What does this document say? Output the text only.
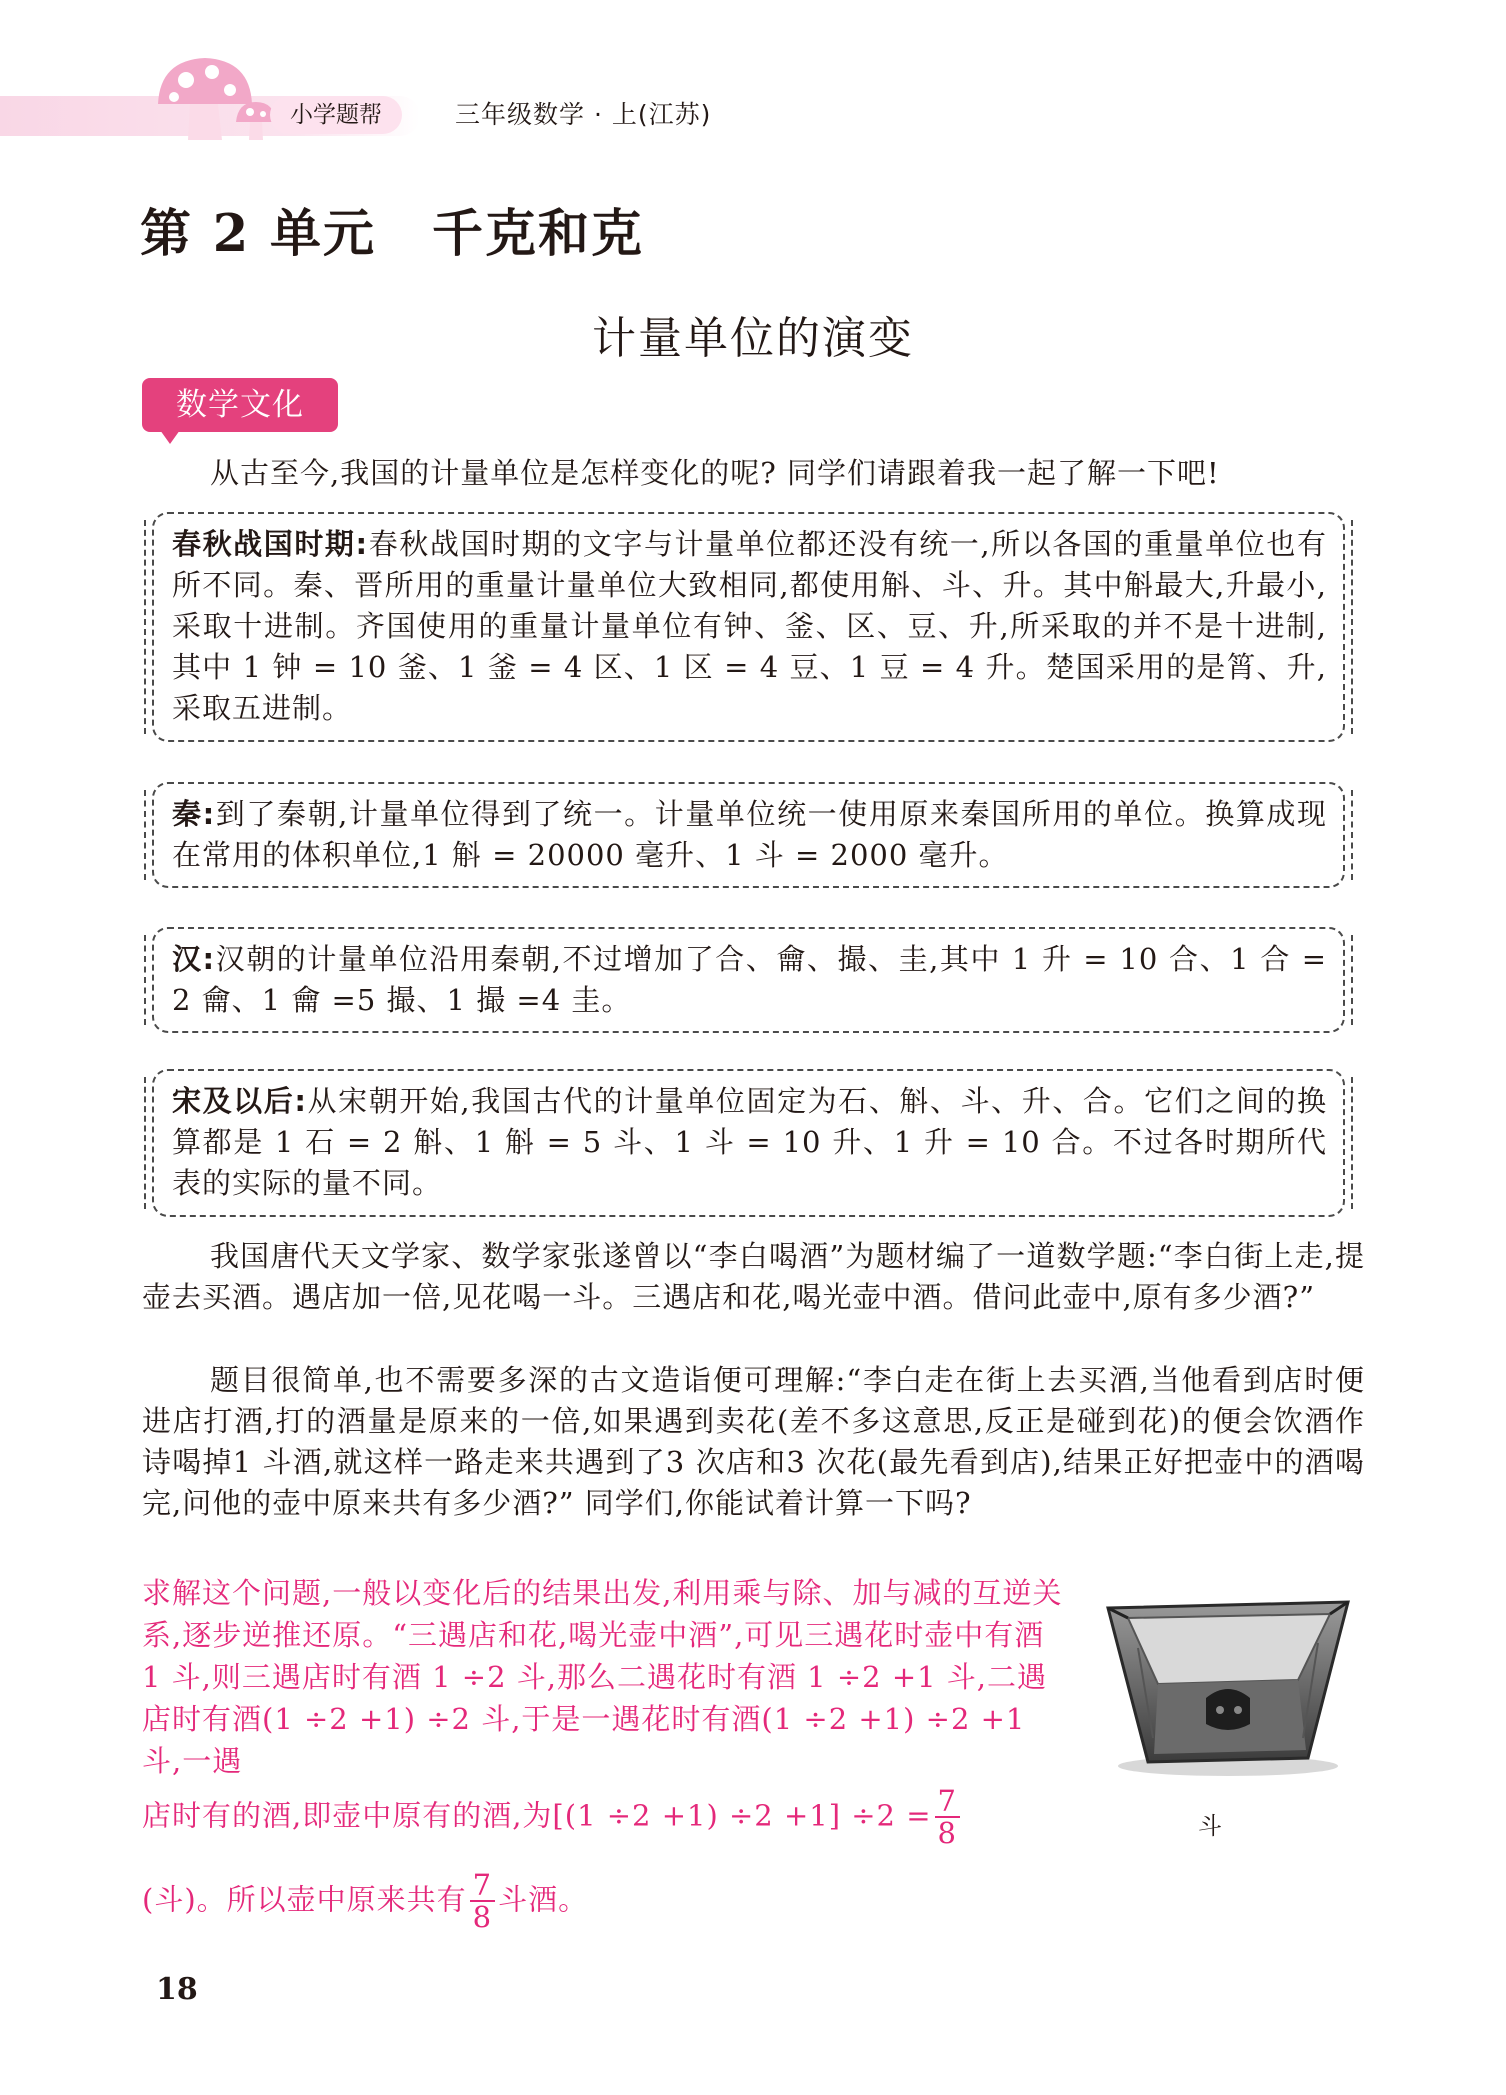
小学题帮	三年级数学 · 上(江苏)
第 2 单元 千克和克
计量单位的演变
数学文化

从古至今,我国的计量单位是怎样变化的呢? 同学们请跟着我一起了解一下吧!

春秋战国时期:春秋战国时期的文字与计量单位都还没有统一,所以各国的重量单位也有所不同。秦、晋所用的重量计量单位大致相同,都使用斛、斗、升。其中斛最大,升最小,采取十进制。齐国使用的重量计量单位有钟、釜、区、豆、升,所采取的并不是十进制,其中 1 钟 = 10 釜、1 釜 = 4 区、1 区 = 4 豆、1 豆 = 4 升。楚国采用的是筲、升,采取五进制。

秦:到了秦朝,计量单位得到了统一。计量单位统一使用原来秦国所用的单位。换算成现在常用的体积单位,1 斛 = 20000 毫升、1 斗 = 2000 毫升。

汉:汉朝的计量单位沿用秦朝,不过增加了合、龠、撮、圭,其中 1 升 = 10 合、1 合 = 2 龠、1 龠 =5 撮、1 撮 =4 圭。

宋及以后:从宋朝开始,我国古代的计量单位固定为石、斛、斗、升、合。它们之间的换算都是 1 石 = 2 斛、1 斛 = 5 斗、1 斗 = 10 升、1 升 = 10 合。不过各时期所代表的实际的量不同。

我国唐代天文学家、数学家张遂曾以“李白喝酒”为题材编了一道数学题:“李白街上走,提壶去买酒。遇店加一倍,见花喝一斗。三遇店和花,喝光壶中酒。借问此壶中,原有多少酒?”

题目很简单,也不需要多深的古文造诣便可理解:“李白走在街上去买酒,当他看到店时便进店打酒,打的酒量是原来的一倍,如果遇到卖花(差不多这意思,反正是碰到花)的便会饮酒作诗喝掉1 斗酒,就这样一路走来共遇到了3 次店和3 次花(最先看到店),结果正好把壶中的酒喝完,问他的壶中原来共有多少酒?” 同学们,你能试着计算一下吗?

求解这个问题,一般以变化后的结果出发,利用乘与除、加与减的互逆关系,逐步逆推还原。“三遇店和花,喝光壶中酒”,可见三遇花时壶中有酒 1 斗,则三遇店时有酒 1 ÷2 斗,那么二遇花时有酒 1 ÷2 +1 斗,二遇店时有酒(1 ÷2 +1) ÷2 斗,于是一遇花时有酒(1 ÷2 +1) ÷2 +1 斗,一遇

店时有的酒,即壶中原有的酒,为$[(1 \div 2 +1) \div 2 +1] \div 2 = \frac{7}{8}$
(斗)。所以壶中原来共有 $\frac{7}{8}$ 斗酒。
斗
18
